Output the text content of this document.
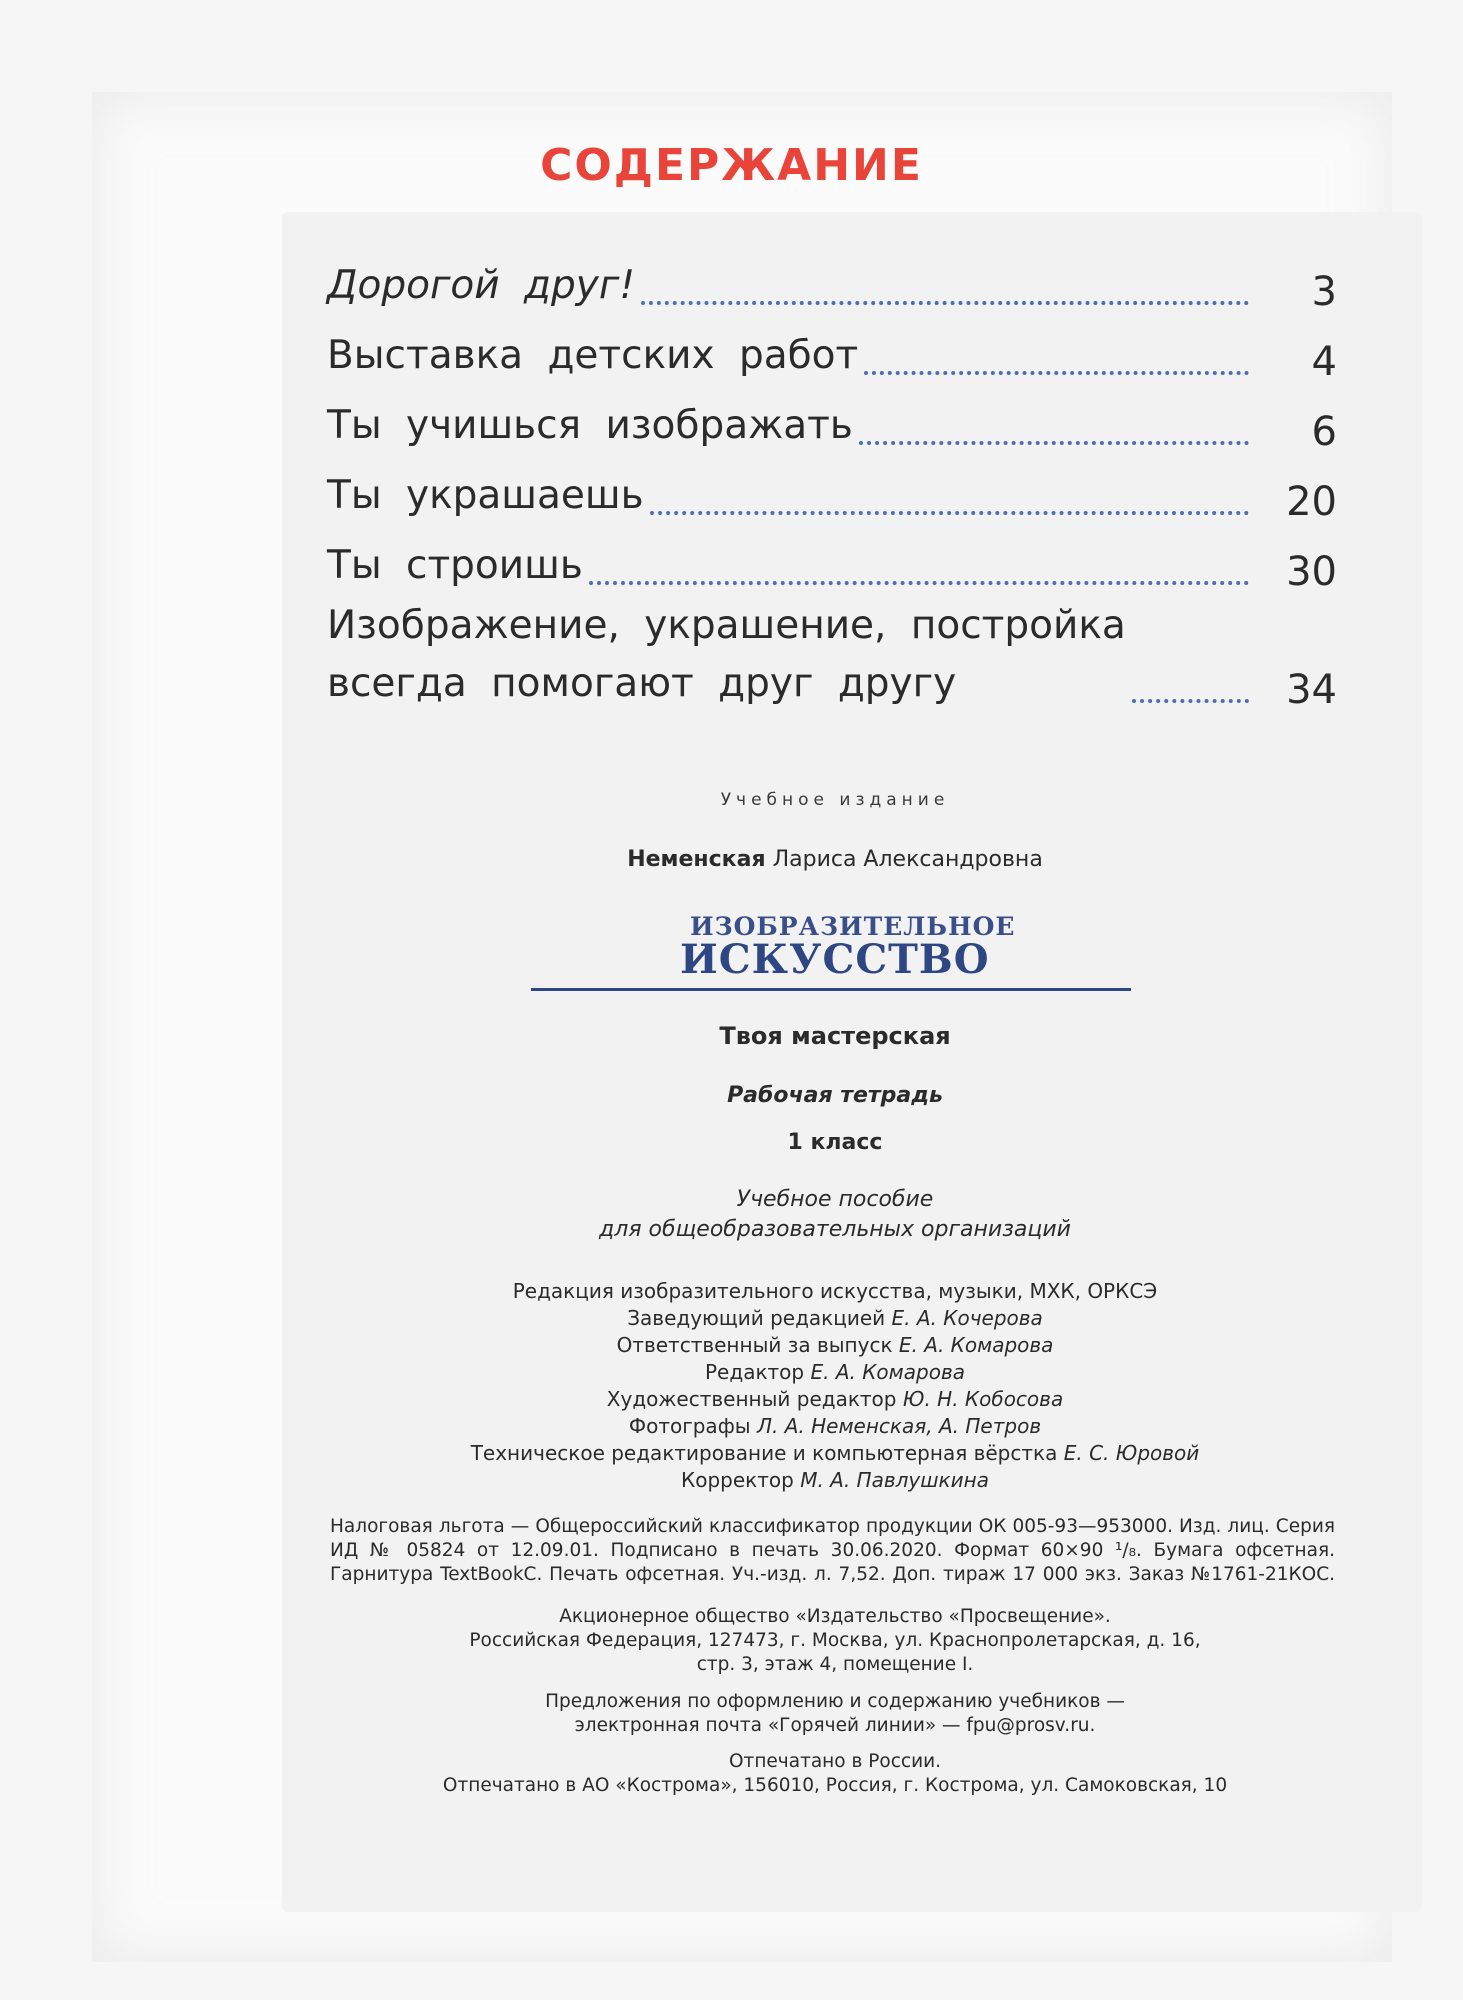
СОДЕРЖАНИЕ
Дорогой друг!	3
Выставка детских работ	4
Ты учишься изображать	6
Ты украшаешь	20
Ты строишь	30
Изображение, украшение, постройка
всегда помогают друг другу	34
Учебное издание
Неменская Лариса Александровна
ИЗОБРАЗИТЕЛЬНОЕ
ИСКУССТВО
Твоя мастерская
Рабочая тетрадь
1 класс
Учебное пособие
для общеобразовательных организаций
Редакция изобразительного искусства, музыки, МХК, ОРКСЭ
Заведующий редакцией Е. А. Кочерова
Ответственный за выпуск Е. А. Комарова
Редактор Е. А. Комарова
Художественный редактор Ю. Н. Кобосова
Фотографы Л. А. Неменская, А. Петров
Техническое редактирование и компьютерная вёрстка Е. С. Юровой
Корректор М. А. Павлушкина
Налоговая льгота — Общероссийский классификатор продукции ОК 005-93—953000. Изд. лиц. Серия ИД № 05824 от 12.09.01. Подписано в печать 30.06.2020. Формат 60×90 ¹/₈. Бумага офсетная. Гарнитура TextBookC. Печать офсетная. Уч.-изд. л. 7,52. Доп. тираж 17 000 экз. Заказ №1761-21КОС.
Акционерное общество «Издательство «Просвещение».
Российская Федерация, 127473, г. Москва, ул. Краснопролетарская, д. 16,
стр. 3, этаж 4, помещение I.
Предложения по оформлению и содержанию учебников —
электронная почта «Горячей линии» — fpu@prosv.ru.
Отпечатано в России.
Отпечатано в АО «Кострома», 156010, Россия, г. Кострома, ул. Самоковская, 10
